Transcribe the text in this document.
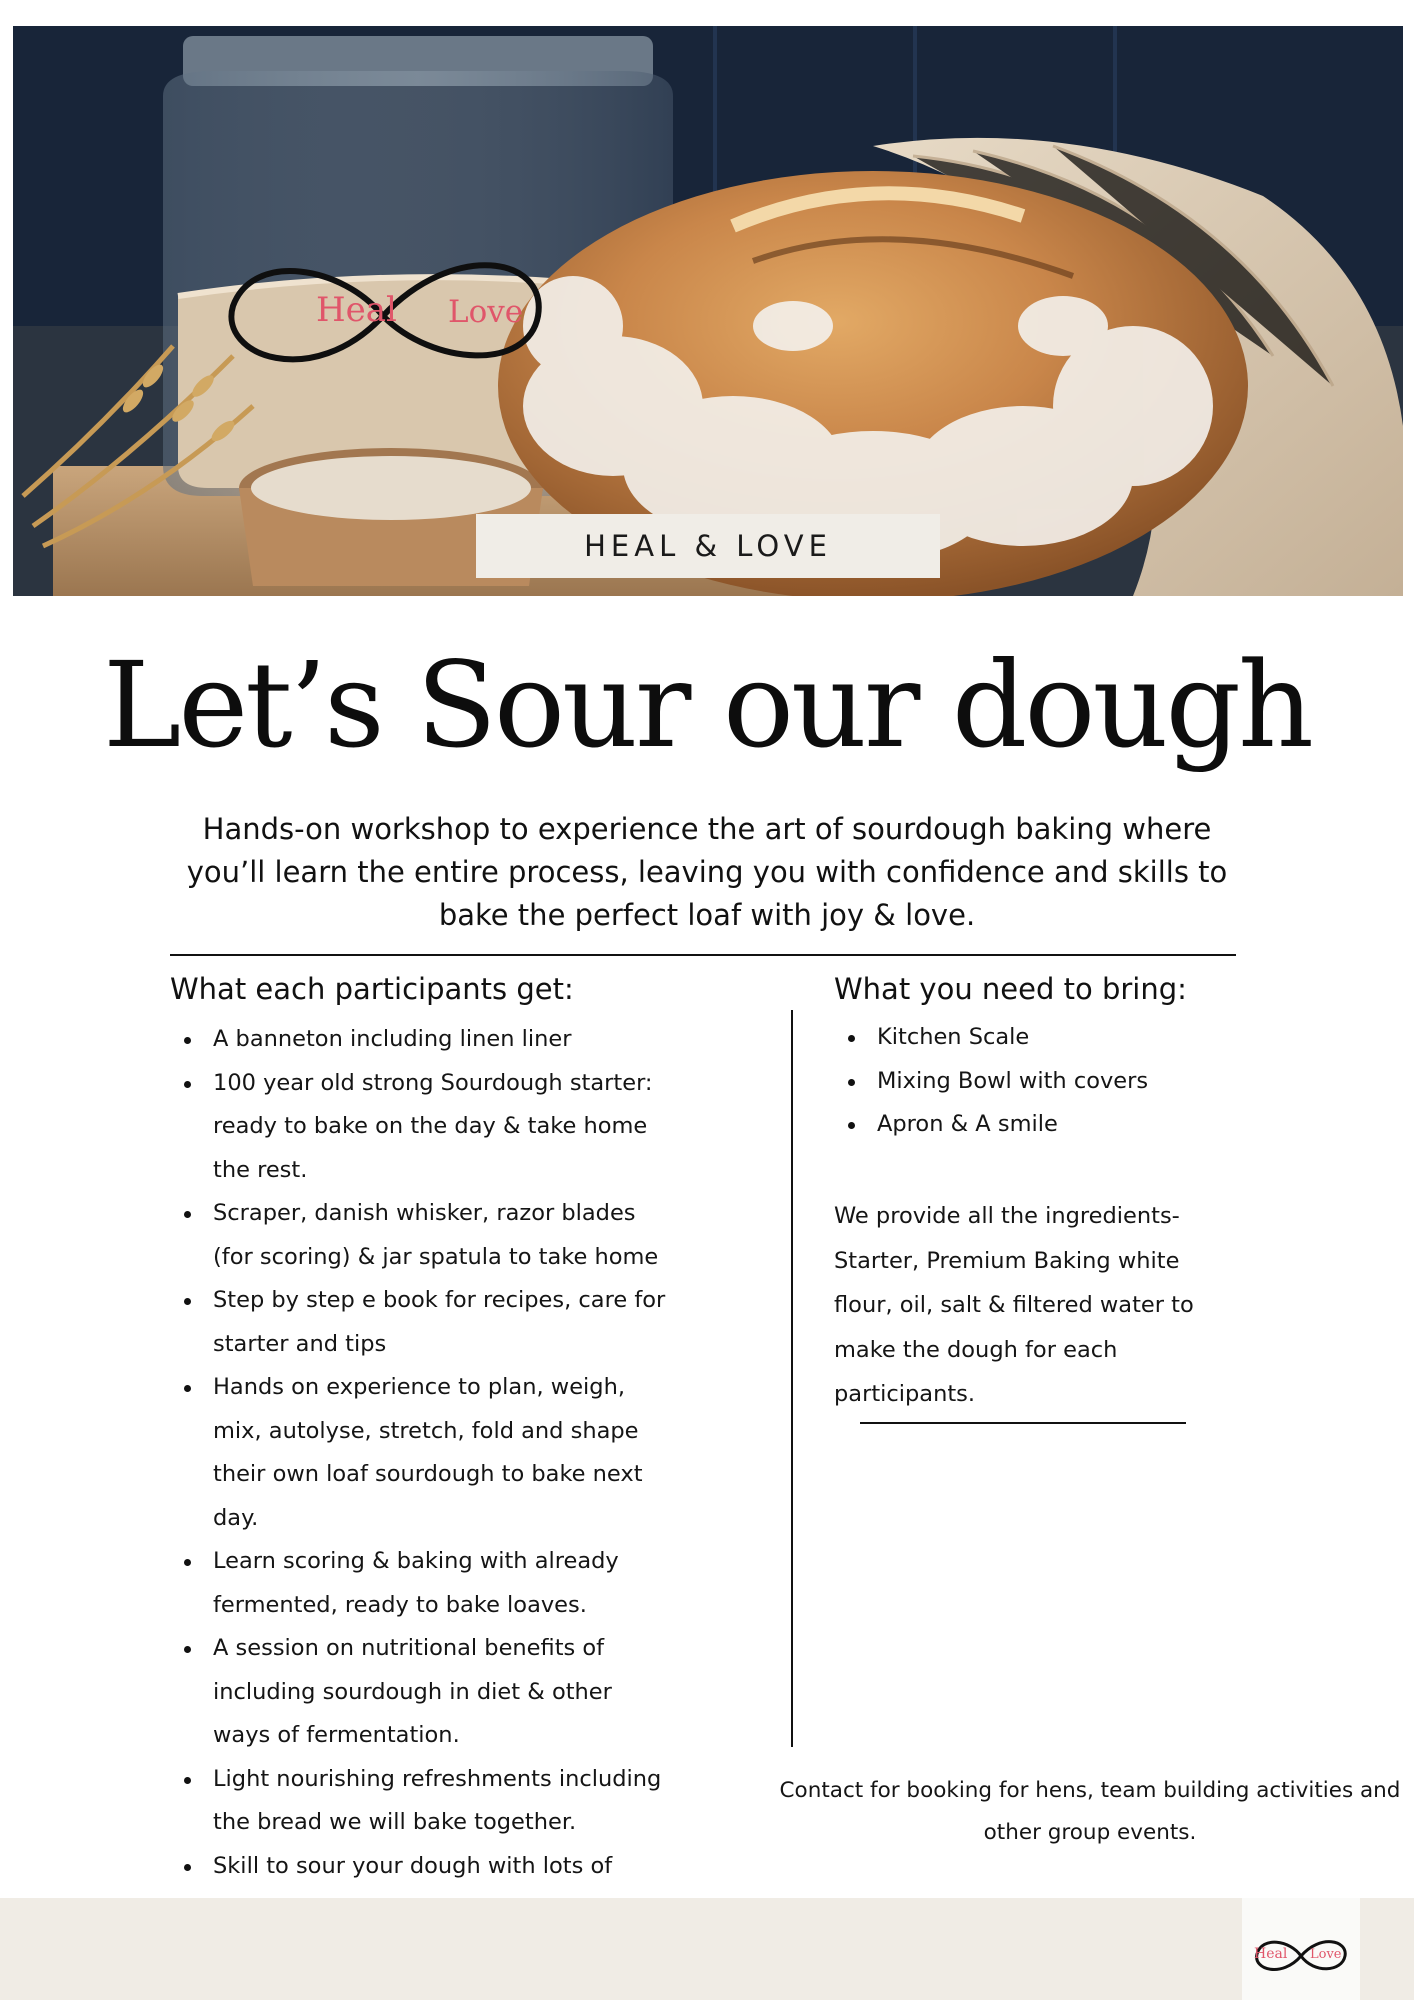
HEAL & LOVE
Heal Love
Let’s Sour our dough

Hands-on workshop to experience the art of sourdough baking where you’ll learn the entire process, leaving you with confidence and skills to bake the perfect loaf with joy & love.

What each participants get:
A banneton including linen liner
100 year old strong Sourdough starter: ready to bake on the day & take home the rest.
Scraper, danish whisker, razor blades (for scoring) & jar spatula to take home
Step by step e book for recipes, care for starter and tips
Hands on experience to plan, weigh, mix, autolyse, stretch, fold and shape their own loaf sourdough to bake next day.
Learn scoring & baking with already fermented, ready to bake loaves.
A session on nutritional benefits of including sourdough in diet & other ways of fermentation.
Light nourishing refreshments including the bread we will bake together.
Skill to sour your dough with lots of
What you need to bring:
Kitchen Scale
Mixing Bowl with covers
Apron & A smile

We provide all the ingredients- Starter, Premium Baking white flour, oil, salt & filtered water to make the dough for each participants.

Contact for booking for hens, team building activities and other group events.

Heal Love
